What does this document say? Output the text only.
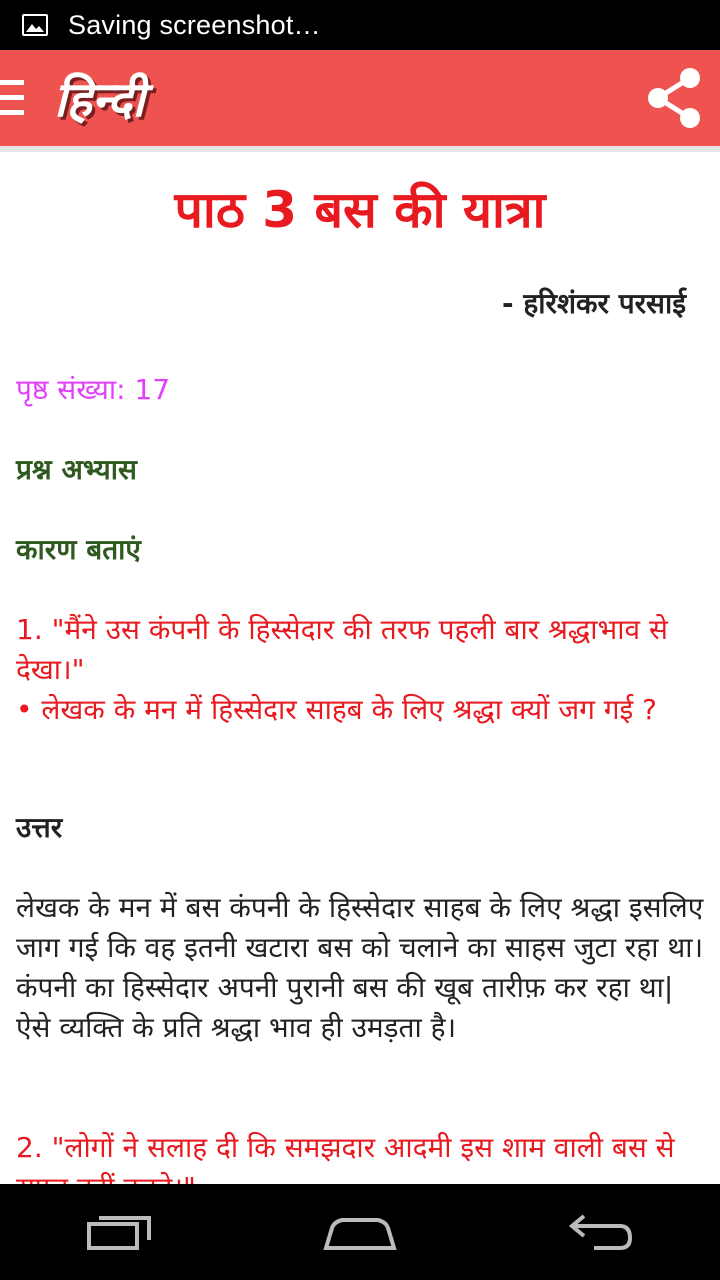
Saving screenshot…
हिन्दी
पाठ 3 बस की यात्रा
- हरिशंकर परसाई
पृष्ठ संख्या: 17
प्रश्न अभ्यास
कारण बताएं
1. "मैंने उस कंपनी के हिस्सेदार की तरफ पहली बार श्रद्धाभाव से देखा।"
• लेखक के मन में हिस्सेदार साहब के लिए श्रद्धा क्यों जग गई ?
उत्तर
लेखक के मन में बस कंपनी के हिस्सेदार साहब के लिए श्रद्धा इसलिए जाग गई कि वह इतनी खटारा बस को चलाने का साहस जुटा रहा था। कंपनी का हिस्सेदार अपनी पुरानी बस की खूब तारीफ़ कर रहा था| ऐसे व्यक्ति के प्रति श्रद्धा भाव ही उमड़ता है।
2. "लोगों ने सलाह दी कि समझदार आदमी इस शाम वाली बस से
